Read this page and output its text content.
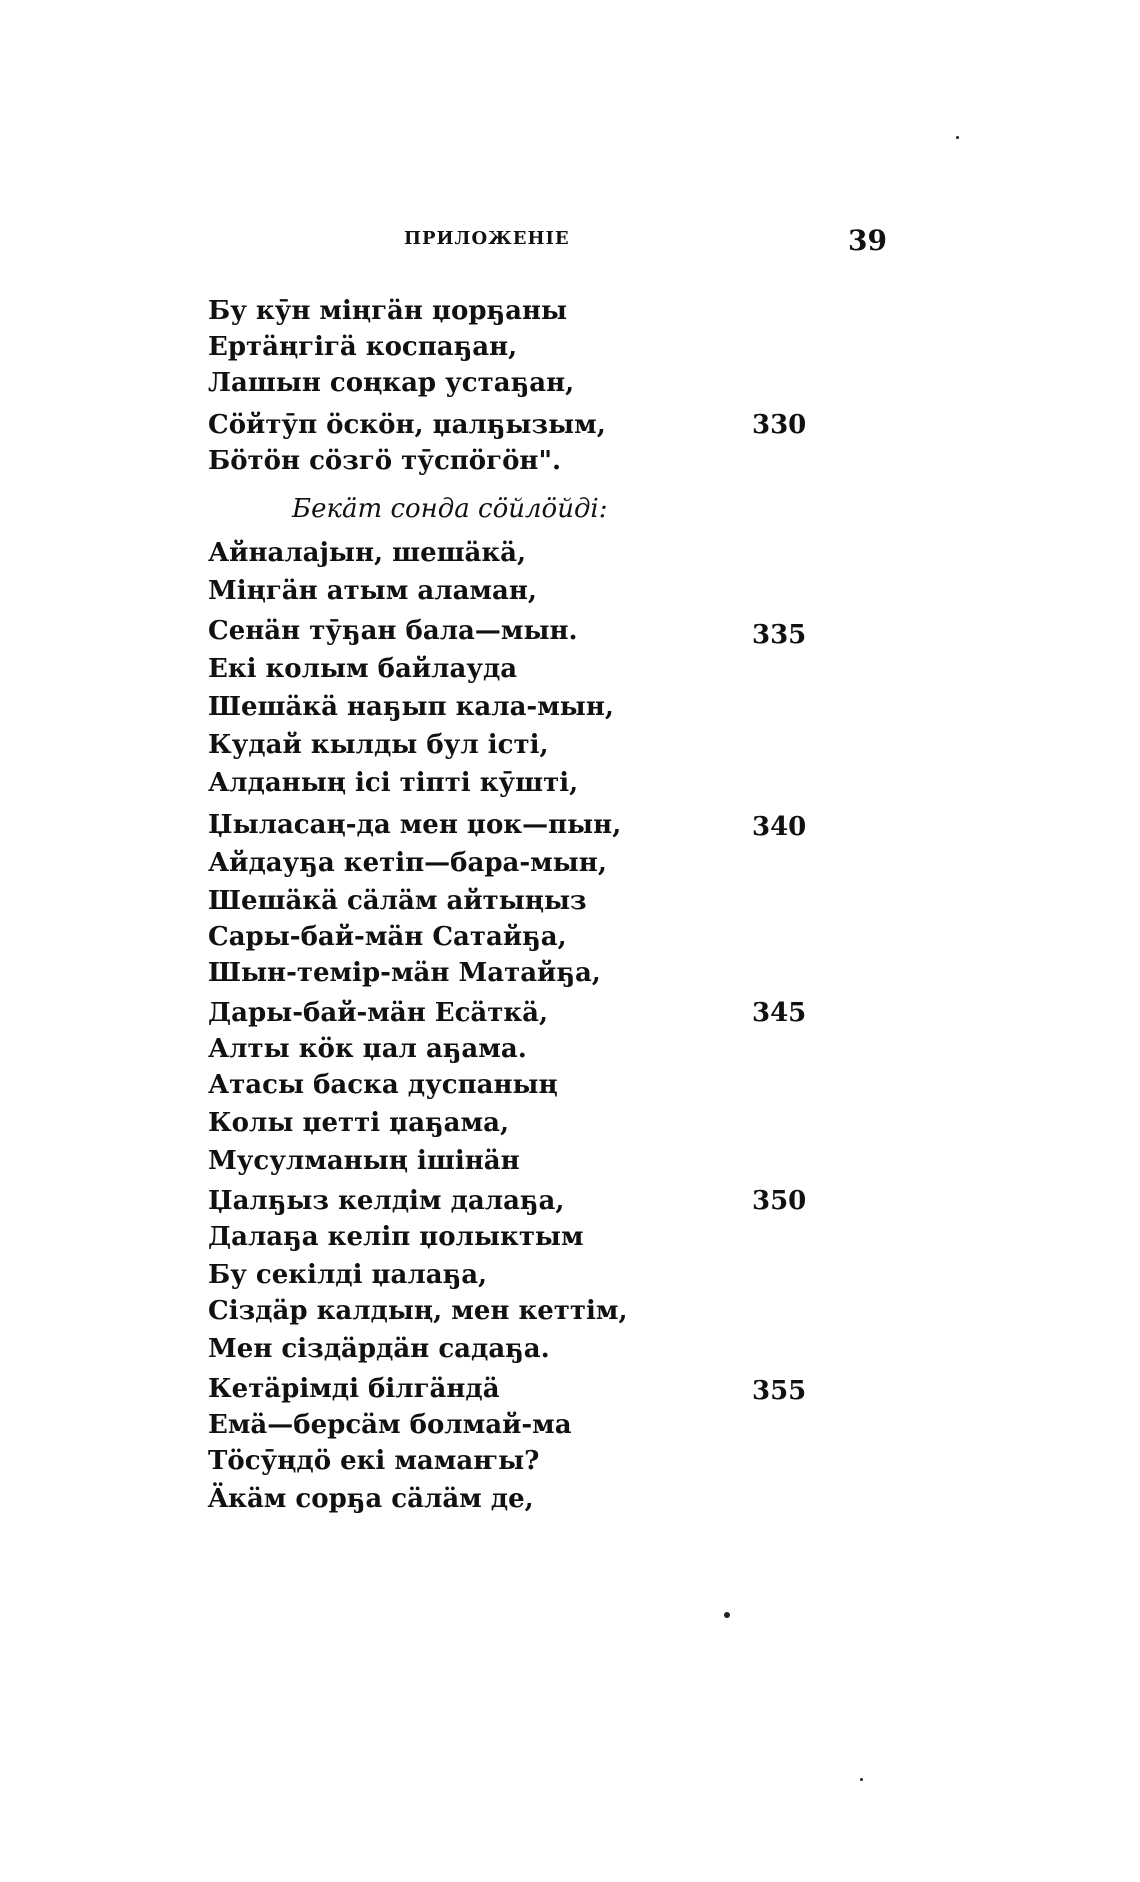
ПРИЛОЖЕНIЕ	39
Бу кӯн мiңгäн џорҕаны
Ертäңгiгä коспаҕан,
Лашын соңкар устаҕан,
Сöйтӯп öскöн, џалҕызым,
Бöтöн сöзгö тӯспöгöн".
330
Бекäт сонда сöйлöйдi:
Айналајын, шешäкä,
Мiңгäн атым аламан,
Сенäн тӯҕан бала—мын.
Екi колым байлауда
Шешäкä наҕып кала-мын,
Кудай кылды бул iстi,
Алданың iсi тiптi кӯштi,
Џыласаң-да мен џок—пын,
Айдауҕа кетiп—бара-мын,
Шешäкä сäлäм айтыңыз
Сары-бай-мäн Сатайҕа,
Шын-темiр-мäн Матайҕа,
Дары-бай-мäн Есäткä,
Алты кöк џал аҕама.
Атасы баска дуспаның
Колы џеттi џаҕама,
Мусулманың iшiнäн
Џалҕыз келдiм далаҕа,
Далаҕа келiп џолыктым
Бу секiлдi џалаҕа,
Сiздäр калдың, мен кеттiм,
Мен сiздäрдäн садаҕа.
Кетäрiмдi бiлгäндä
Емä—берсäм болмай-ма
Тöсӯңдö екi мамаҥы?
Äкäм сорҕа сäлäм де,
335
340
345
350
355
